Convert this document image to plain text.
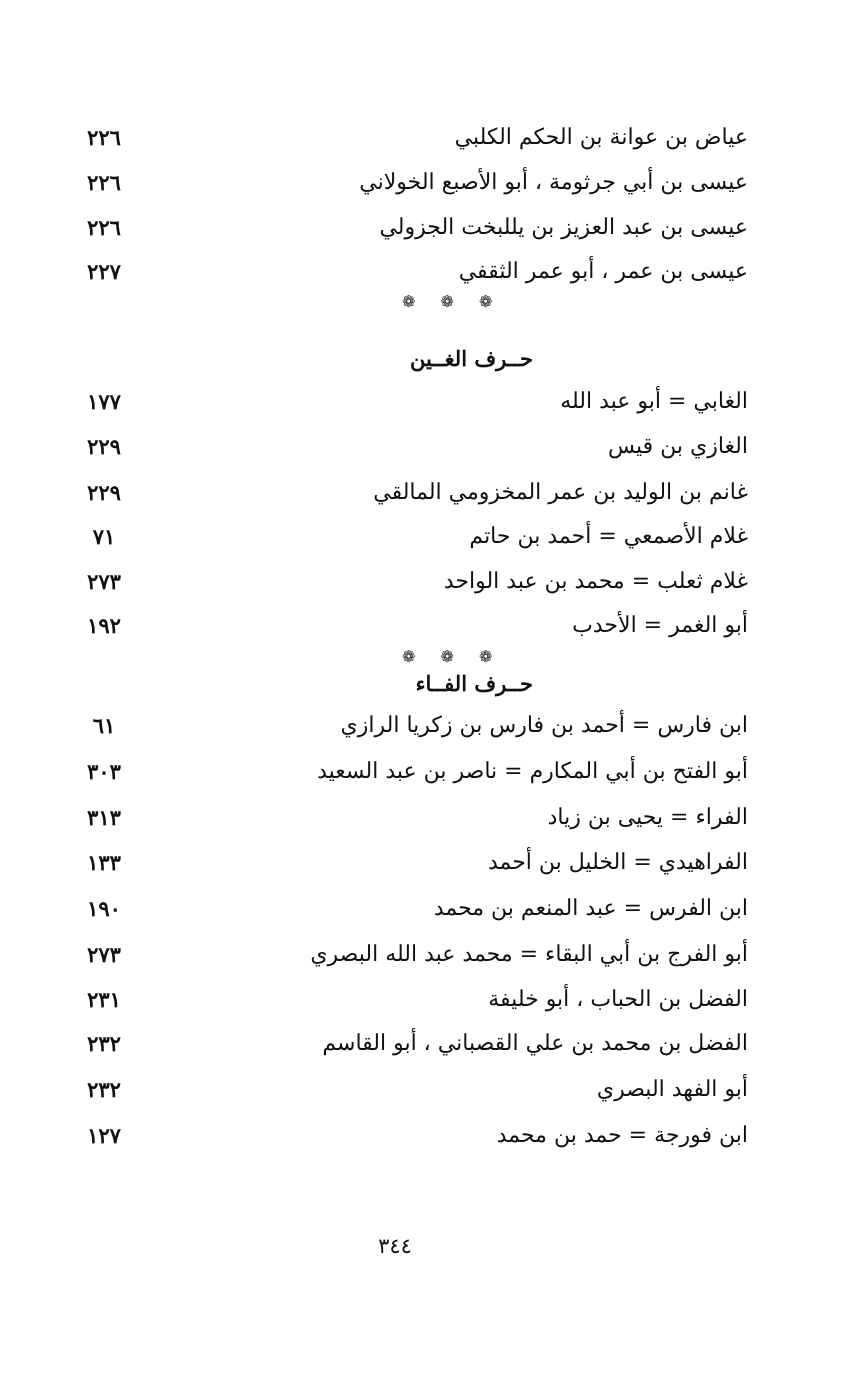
عياض بن عوانة بن الحكم الكلبي
٢٢٦
عيسى بن أبي جرثومة ، أبو الأصبع الخولاني
٢٢٦
عيسى بن عبد العزيز بن يللبخت الجزولي
٢٢٦
عيسى بن عمر ، أبو عمر الثقفي
٢٢٧
❁ ❁ ❁
حــرف الغــين
الغابي = أبو عبد الله
١٧٧
الغازي بن قيس
٢٢٩
غانم بن الوليد بن عمر المخزومي المالقي
٢٢٩
غلام الأصمعي = أحمد بن حاتم
٧١
غلام ثعلب = محمد بن عبد الواحد
٢٧٣
أبو الغمر = الأحدب
١٩٢
❁ ❁ ❁
حــرف الفــاء
ابن فارس = أحمد بن فارس بن زكريا الرازي
٦١
أبو الفتح بن أبي المكارم = ناصر بن عبد السعيد
٣٠٣
الفراء = يحيى بن زياد
٣١٣
الفراهيدي = الخليل بن أحمد
١٣٣
ابن الفرس = عبد المنعم بن محمد
١٩٠
أبو الفرج بن أبي البقاء = محمد عبد الله البصري
٢٧٣
الفضل بن الحباب ، أبو خليفة
٢٣١
الفضل بن محمد بن علي القصباني ، أبو القاسم
٢٣٢
أبو الفهد البصري
٢٣٢
ابن فورجة = حمد بن محمد
١٢٧
٣٤٤
